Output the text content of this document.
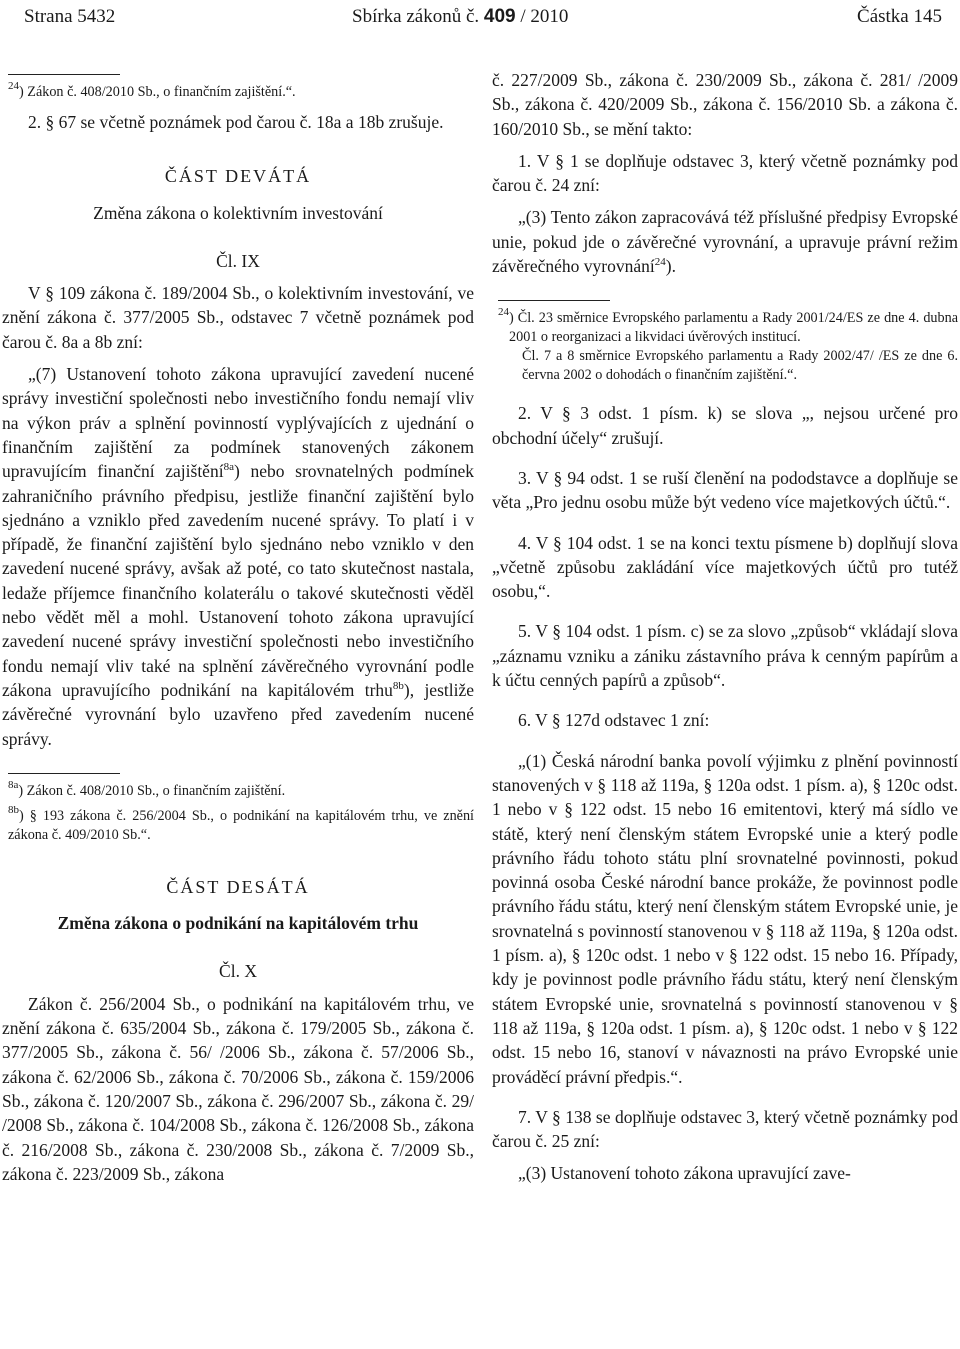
Strana 5432	Sbírka zákonů č. 409 / 2010	Částka 145

$^{24}$) Zákon č. 408/2010 Sb., o finančním zajištění.“.

2. § 67 se včetně poznámek pod čarou č. 18a a 18b zrušuje.

ČÁST DEVÁTÁ
Změna zákona o kolektivním investování
Čl. IX

V § 109 zákona č. 189/2004 Sb., o kolektivním investování, ve znění zákona č. 377/2005 Sb., odstavec 7 včetně poznámek pod čarou č. 8a a 8b zní:

„(7) Ustanovení tohoto zákona upravující zavedení nucené správy investiční společnosti nebo investičního fondu nemají vliv na výkon práv a splnění povinností vyplývajících z ujednání o finančním zajištění za podmínek stanovených zákonem upravujícím finanční zajištění$^{8a}$) nebo srovnatelných podmínek zahraničního právního předpisu, jestliže finanční zajištění bylo sjednáno a vzniklo před zavedením nucené správy. To platí i v případě, že finanční zajištění bylo sjednáno nebo vzniklo v den zavedení nucené správy, avšak až poté, co tato skutečnost nastala, ledaže příjemce finančního kolaterálu o takové skutečnosti věděl nebo vědět měl a mohl. Ustanovení tohoto zákona upravující zavedení nucené správy investiční společnosti nebo investičního fondu nemají vliv také na splnění závěrečného vyrovnání podle zákona upravujícího podnikání na kapitálovém trhu$^{8b}$), jestliže závěrečné vyrovnání bylo uzavřeno před zavedením nucené správy.

$^{8a}$) Zákon č. 408/2010 Sb., o finančním zajištění.

$^{8b}$) § 193 zákona č. 256/2004 Sb., o podnikání na kapitálovém trhu, ve znění zákona č. 409/2010 Sb.“.

ČÁST DESÁTÁ
Změna zákona o podnikání na kapitálovém trhu
Čl. X

Zákon č. 256/2004 Sb., o podnikání na kapitálovém trhu, ve znění zákona č. 635/2004 Sb., zákona č. 179/2005 Sb., zákona č. 377/2005 Sb., zákona č. 56/ /2006 Sb., zákona č. 57/2006 Sb., zákona č. 62/2006 Sb., zákona č. 70/2006 Sb., zákona č. 159/2006 Sb., zákona č. 120/2007 Sb., zákona č. 296/2007 Sb., zákona č. 29/ /2008 Sb., zákona č. 104/2008 Sb., zákona č. 126/2008 Sb., zákona č. 216/2008 Sb., zákona č. 230/2008 Sb., zákona č. 7/2009 Sb., zákona č. 223/2009 Sb., zákona

č. 227/2009 Sb., zákona č. 230/2009 Sb., zákona č. 281/ /2009 Sb., zákona č. 420/2009 Sb., zákona č. 156/2010 Sb. a zákona č. 160/2010 Sb., se mění takto:

1. V § 1 se doplňuje odstavec 3, který včetně poznámky pod čarou č. 24 zní:

„(3) Tento zákon zapracovává též příslušné předpisy Evropské unie, pokud jde o závěrečné vyrovnání, a upravuje právní režim závěrečného vyrovnání$^{24}$).

$^{24}$ ) Čl. 23 směrnice Evropského parlamentu a Rady 2001/24/ES ze dne 4. dubna 2001 o reorganizaci a likvidaci úvěrových institucí.

Čl. 7 a 8 směrnice Evropského parlamentu a Rady 2002/47/ /ES ze dne 6. června 2002 o dohodách o finančním zajištění.“.

2. V § 3 odst. 1 písm. k) se slova „, nejsou určené pro obchodní účely“ zrušují.

3. V § 94 odst. 1 se ruší členění na pododstavce a doplňuje se věta „Pro jednu osobu může být vedeno více majetkových účtů.“.

4. V § 104 odst. 1 se na konci textu písmene b) doplňují slova „včetně způsobu zakládání více majetkových účtů pro tutéž osobu,“.

5. V § 104 odst. 1 písm. c) se za slovo „způsob“ vkládají slova „záznamu vzniku a zániku zástavního práva k cenným papírům a k účtu cenných papírů a způsob“.

6. V § 127d odstavec 1 zní:

„(1) Česká národní banka povolí výjimku z plnění povinností stanovených v § 118 až 119a, § 120a odst. 1 písm. a), § 120c odst. 1 nebo v § 122 odst. 15 nebo 16 emitentovi, který má sídlo ve státě, který není členským státem Evropské unie a který podle právního řádu tohoto státu plní srovnatelné povinnosti, pokud povinná osoba České národní bance prokáže, že povinnost podle právního řádu státu, který není členským státem Evropské unie, je srovnatelná s povinností stanovenou v § 118 až 119a, § 120a odst. 1 písm. a), § 120c odst. 1 nebo v § 122 odst. 15 nebo 16. Případy, kdy je povinnost podle právního řádu státu, který není členským státem Evropské unie, srovnatelná s povinností stanovenou v § 118 až 119a, § 120a odst. 1 písm. a), § 120c odst. 1 nebo v § 122 odst. 15 nebo 16, stanoví v návaznosti na právo Evropské unie prováděcí právní předpis.“.

7. V § 138 se doplňuje odstavec 3, který včetně poznámky pod čarou č. 25 zní:

„(3) Ustanovení tohoto zákona upravující zave-
